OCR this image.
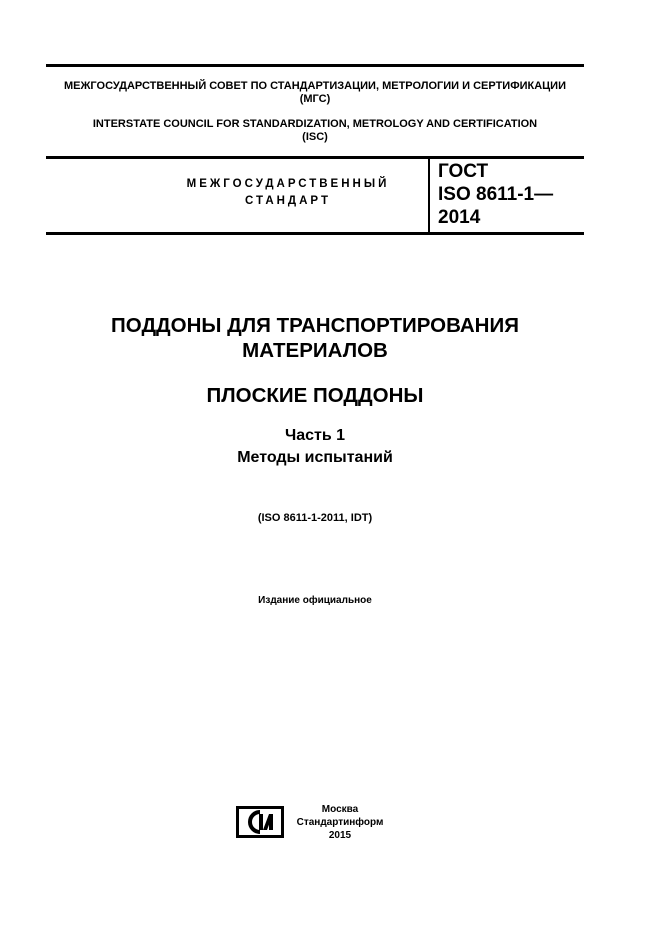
МЕЖГОСУДАРСТВЕННЫЙ СОВЕТ ПО СТАНДАРТИЗАЦИИ, МЕТРОЛОГИИ И СЕРТИФИКАЦИИ
(МГС)
INTERSTATE COUNCIL FOR STANDARDIZATION, METROLOGY AND CERTIFICATION
(ISC)
МЕЖГОСУДАРСТВЕННЫЙ
СТАНДАРТ
ГОСТ
ISO 8611-1—
2014
ПОДДОНЫ ДЛЯ ТРАНСПОРТИРОВАНИЯ
МАТЕРИАЛОВ
ПЛОСКИЕ ПОДДОНЫ
Часть 1
Методы испытаний
(ISO 8611-1-2011, IDT)
Издание официальное
Москва
Стандартинформ
2015
